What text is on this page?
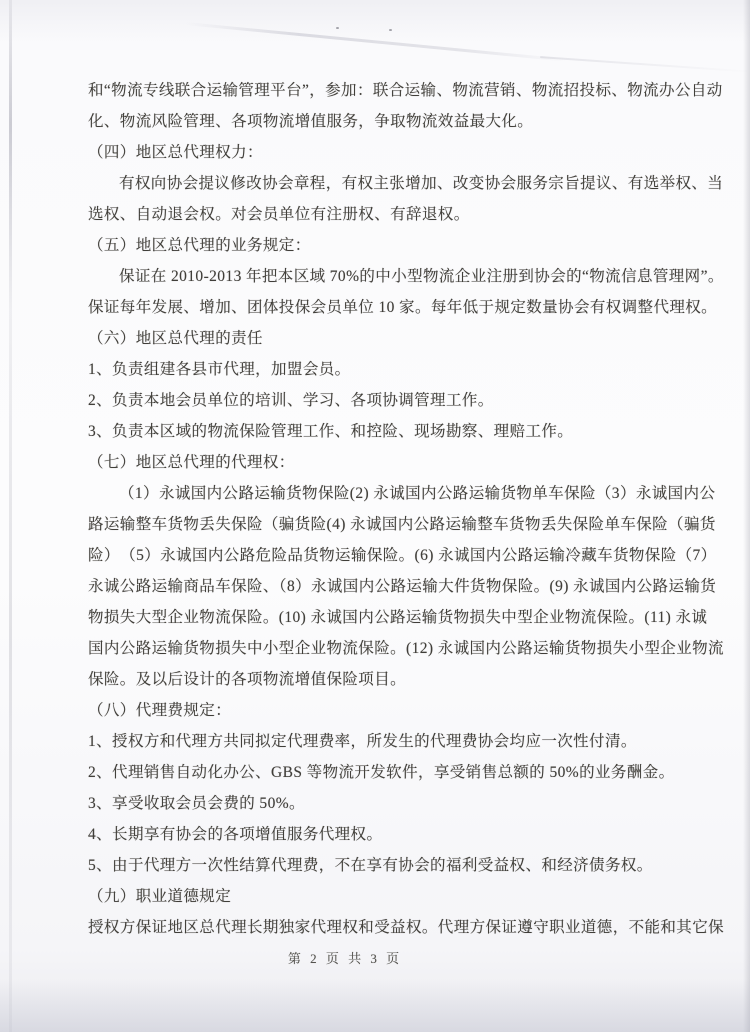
和“物流专线联合运输管理平台”，参加：联合运输、物流营销、物流招投标、物流办公自动
化、物流风险管理、各项物流增值服务，争取物流效益最大化。
（四）地区总代理权力：
有权向协会提议修改协会章程，有权主张增加、改变协会服务宗旨提议、有选举权、当
选权、自动退会权。对会员单位有注册权、有辞退权。
（五）地区总代理的业务规定：
保证在 2010-2013 年把本区域 70%的中小型物流企业注册到协会的“物流信息管理网”。
保证每年发展、增加、团体投保会员单位 10 家。每年低于规定数量协会有权调整代理权。
（六）地区总代理的责任
1、负责组建各县市代理，加盟会员。
2、负责本地会员单位的培训、学习、各项协调管理工作。
3、负责本区域的物流保险管理工作、和控险、现场勘察、理赔工作。
（七）地区总代理的代理权：
（1）永诚国内公路运输货物保险(2) 永诚国内公路运输货物单车保险（3）永诚国内公
路运输整车货物丢失保险（骗货险(4) 永诚国内公路运输整车货物丢失保险单车保险（骗货
险）　（5）永诚国内公路危险品货物运输保险。(6) 永诚国内公路运输冷藏车货物保险（7）
永诚公路运输商品车保险、（8）永诚国内公路运输大件货物保险。(9) 永诚国内公路运输货
物损失大型企业物流保险。(10) 永诚国内公路运输货物损失中型企业物流保险。(11) 永诚
国内公路运输货物损失中小型企业物流保险。(12) 永诚国内公路运输货物损失小型企业物流
保险。及以后设计的各项物流增值保险项目。
（八）代理费规定：
1、授权方和代理方共同拟定代理费率，所发生的代理费协会均应一次性付清。
2、代理销售自动化办公、GBS 等物流开发软件，享受销售总额的 50%的业务酬金。
3、享受收取会员会费的 50%。
4、长期享有协会的各项增值服务代理权。
5、由于代理方一次性结算代理费，不在享有协会的福利受益权、和经济债务权。
（九）职业道德规定
授权方保证地区总代理长期独家代理权和受益权。代理方保证遵守职业道德，不能和其它保
第 2 页 共 3 页
